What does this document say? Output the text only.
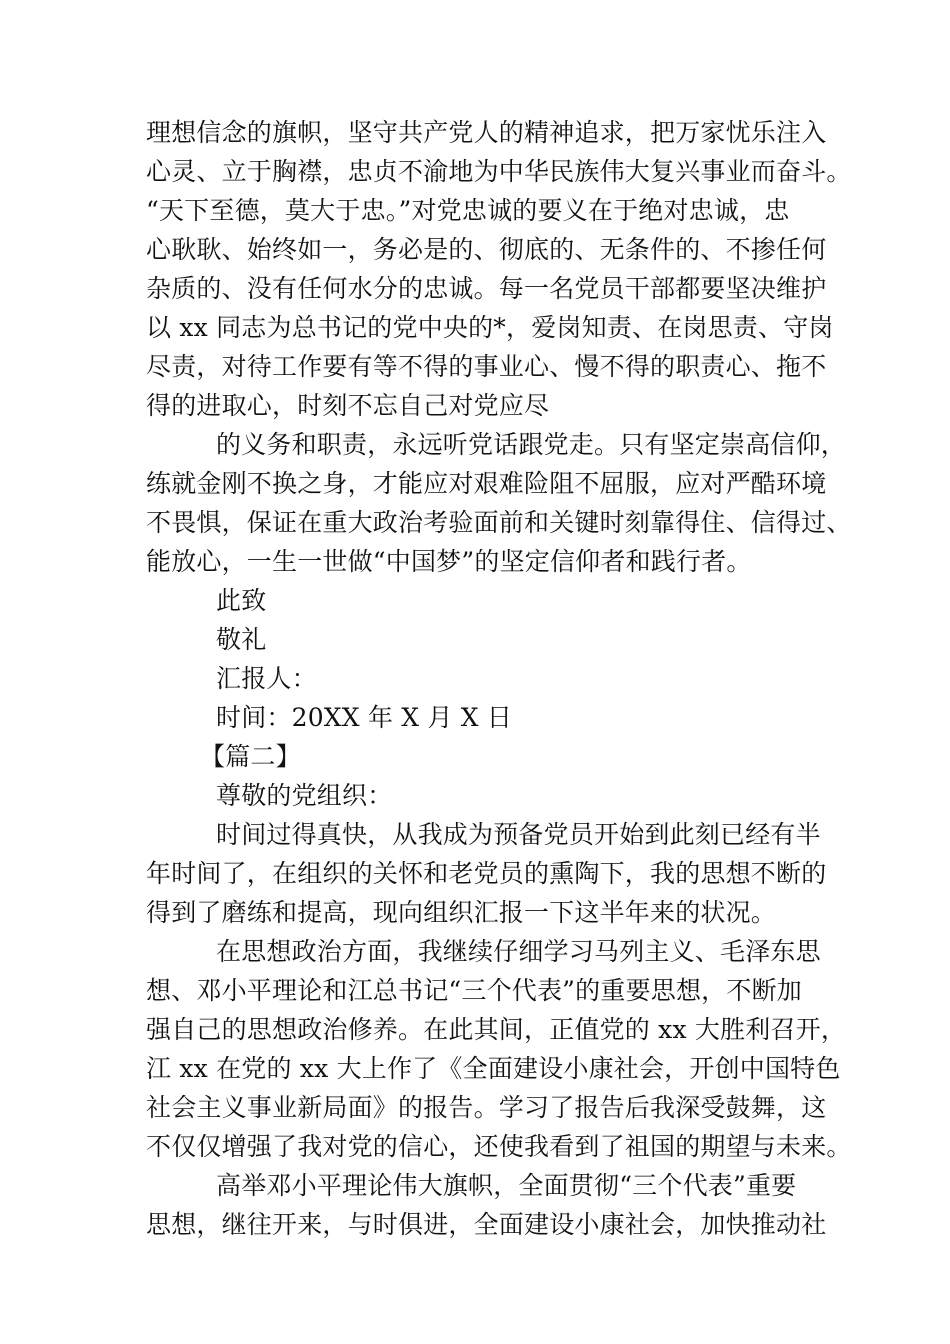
理想信念的旗帜，坚守共产党人的精神追求，把万家忧乐注入
心灵、立于胸襟，忠贞不渝地为中华民族伟大复兴事业而奋斗。
“天下至德，莫大于忠。”对党忠诚的要义在于绝对忠诚，忠
心耿耿、始终如一，务必是的、彻底的、无条件的、不掺任何
杂质的、没有任何水分的忠诚。每一名党员干部都要坚决维护
以 xx 同志为总书记的党中央的*，爱岗知责、在岗思责、守岗
尽责，对待工作要有等不得的事业心、慢不得的职责心、拖不
得的进取心，时刻不忘自己对党应尽
的义务和职责，永远听党话跟党走。只有坚定崇高信仰，
练就金刚不换之身，才能应对艰难险阻不屈服，应对严酷环境
不畏惧，保证在重大政治考验面前和关键时刻靠得住、信得过、
能放心，一生一世做“中国梦”的坚定信仰者和践行者。
此致
敬礼
汇报人：
时间：20XX 年 X 月 X 日
【篇二】
尊敬的党组织：
时间过得真快，从我成为预备党员开始到此刻已经有半
年时间了，在组织的关怀和老党员的熏陶下，我的思想不断的
得到了磨练和提高，现向组织汇报一下这半年来的状况。
在思想政治方面，我继续仔细学习马列主义、毛泽东思
想、邓小平理论和江总书记“三个代表”的重要思想，不断加
强自己的思想政治修养。在此其间，正值党的 xx 大胜利召开，
江 xx 在党的 xx 大上作了《全面建设小康社会，开创中国特色
社会主义事业新局面》的报告。学习了报告后我深受鼓舞，这
不仅仅增强了我对党的信心，还使我看到了祖国的期望与未来。
高举邓小平理论伟大旗帜，全面贯彻“三个代表”重要
思想，继往开来，与时俱进，全面建设小康社会，加快推动社
